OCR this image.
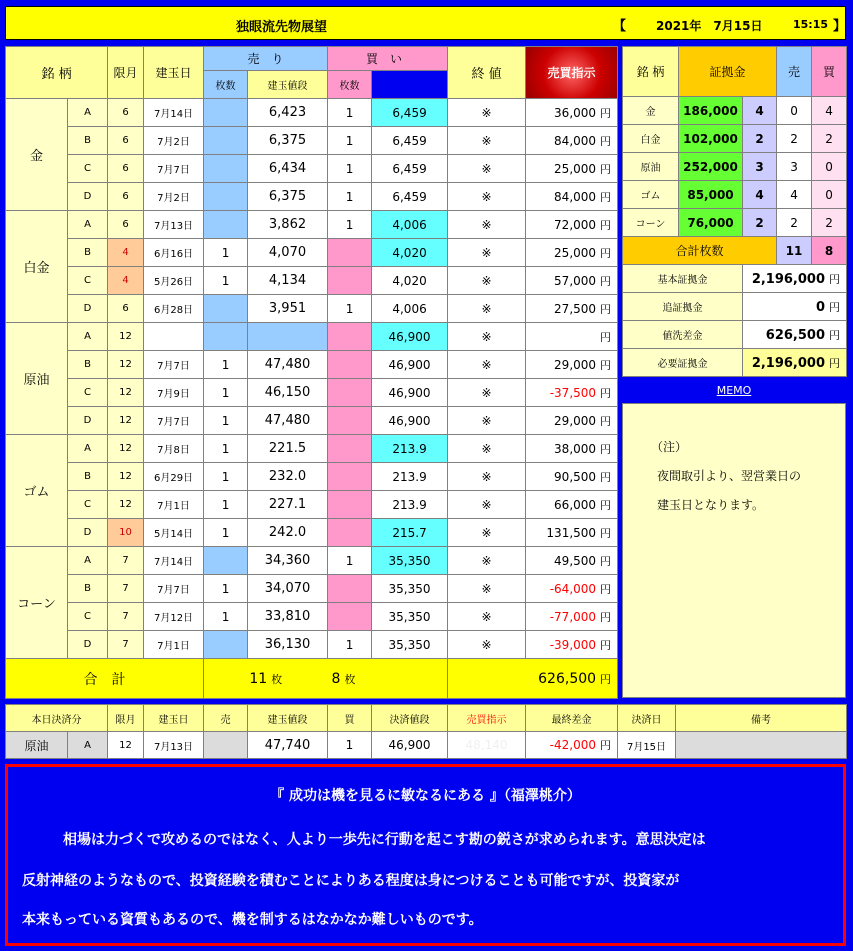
独眼流先物展望	【 2021年　7月15日	15:15 】
銘 柄		限月	建玉日	売　り		買　い		終 値	売買指示	
				枚数	建玉値段	枚数				
金	A	6	7月14日		6,423	1	6,459	※	36,000 円	
	B	6	7月2日		6,375	1	6,459	※	84,000 円	
	C	6	7月7日		6,434	1	6,459	※	25,000 円	
	D	6	7月2日		6,375	1	6,459	※	84,000 円	
白金	A	6	7月13日		3,862	1	4,006	※	72,000 円	
	B	4	6月16日	1	4,070		4,020	※	25,000 円	
	C	4	5月26日	1	4,134		4,020	※	57,000 円	
	D	6	6月28日		3,951	1	4,006	※	27,500 円	
原油	A	12					46,900	※	円	
	B	12	7月7日	1	47,480		46,900	※	29,000 円	
	C	12	7月9日	1	46,150		46,900	※	-37,500 円	
	D	12	7月7日	1	47,480		46,900	※	29,000 円	
ゴム	A	12	7月8日	1	221.5		213.9	※	38,000 円	
	B	12	6月29日	1	232.0		213.9	※	90,500 円	
	C	12	7月1日	1	227.1		213.9	※	66,000 円	
	D	10	5月14日	1	242.0		215.7	※	131,500 円	
コーン	A	7	7月14日		34,360	1	35,350	※	49,500 円	
	B	7	7月7日	1	34,070		35,350	※	-64,000 円	
	C	7	7月12日	1	33,810		35,350	※	-77,000 円	
	D	7	7月1日		36,130	1	35,350	※	-39,000 円	
合　計				11 枚		8 枚		626,500 円		
銘 柄	証拠金		売	買
金	186,000	4	0	4
白金	102,000	2	2	2
原油	252,000	3	3	0
ゴム	85,000	4	4	0
コーン	76,000	2	2	2
合計枚数			11	8
基本証拠金		2,196,000 円		
追証拠金		0 円		
値洗差金		626,500 円		
必要証拠金		2,196,000 円		
MEMO
（注）
夜間取引より、翌営業日の
建玉日となります。
本日決済分		限月	建玉日	売	建玉値段	買	決済値段	売買指示	最終差金	決済日	備考
原油	A	12	7月13日		47,740	1	46,900	48,140	-42,000 円	7月15日	
『 成功は機を見るに敏なるにある 』（福澤桃介）
相場は力づくで攻めるのではなく、人より一歩先に行動を起こす勘の鋭さが求められます。意思決定は
反射神経のようなもので、投資経験を積むことによりある程度は身につけることも可能ですが、投資家が
本来もっている資質もあるので、機を制するはなかなか難しいものです。
